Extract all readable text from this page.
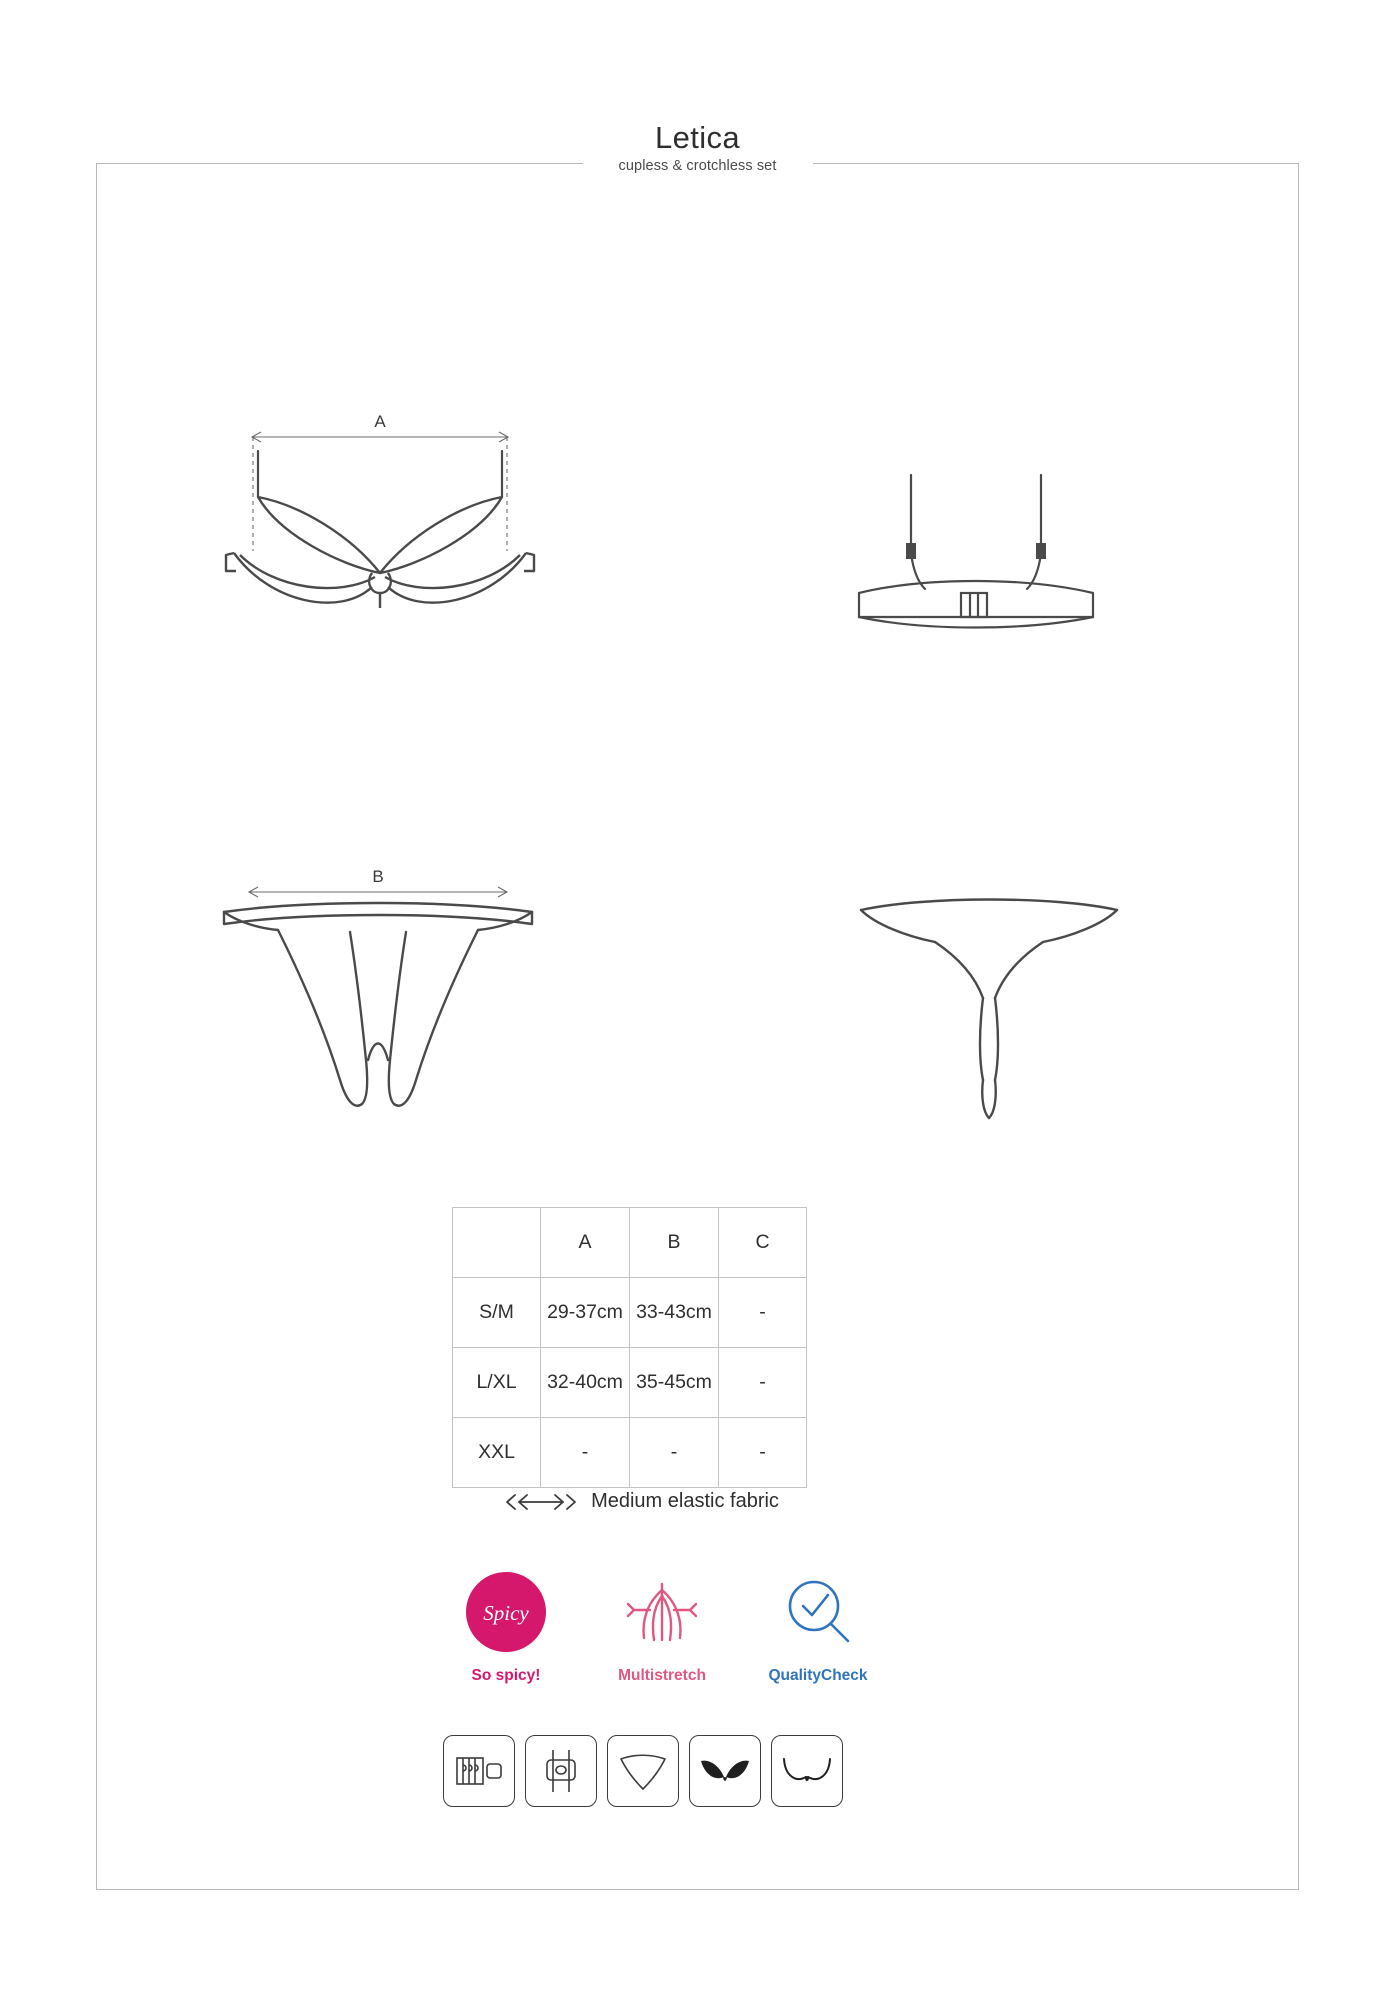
Letica
cupless & crotchless set
A
B
	A	B	C
S/M	29-37cm	33-43cm	-
L/XL	32-40cm	35-45cm	-
XXL	-	-	-
Medium elastic fabric
Spicy
So spicy!	Multistretch	QualityCheck
